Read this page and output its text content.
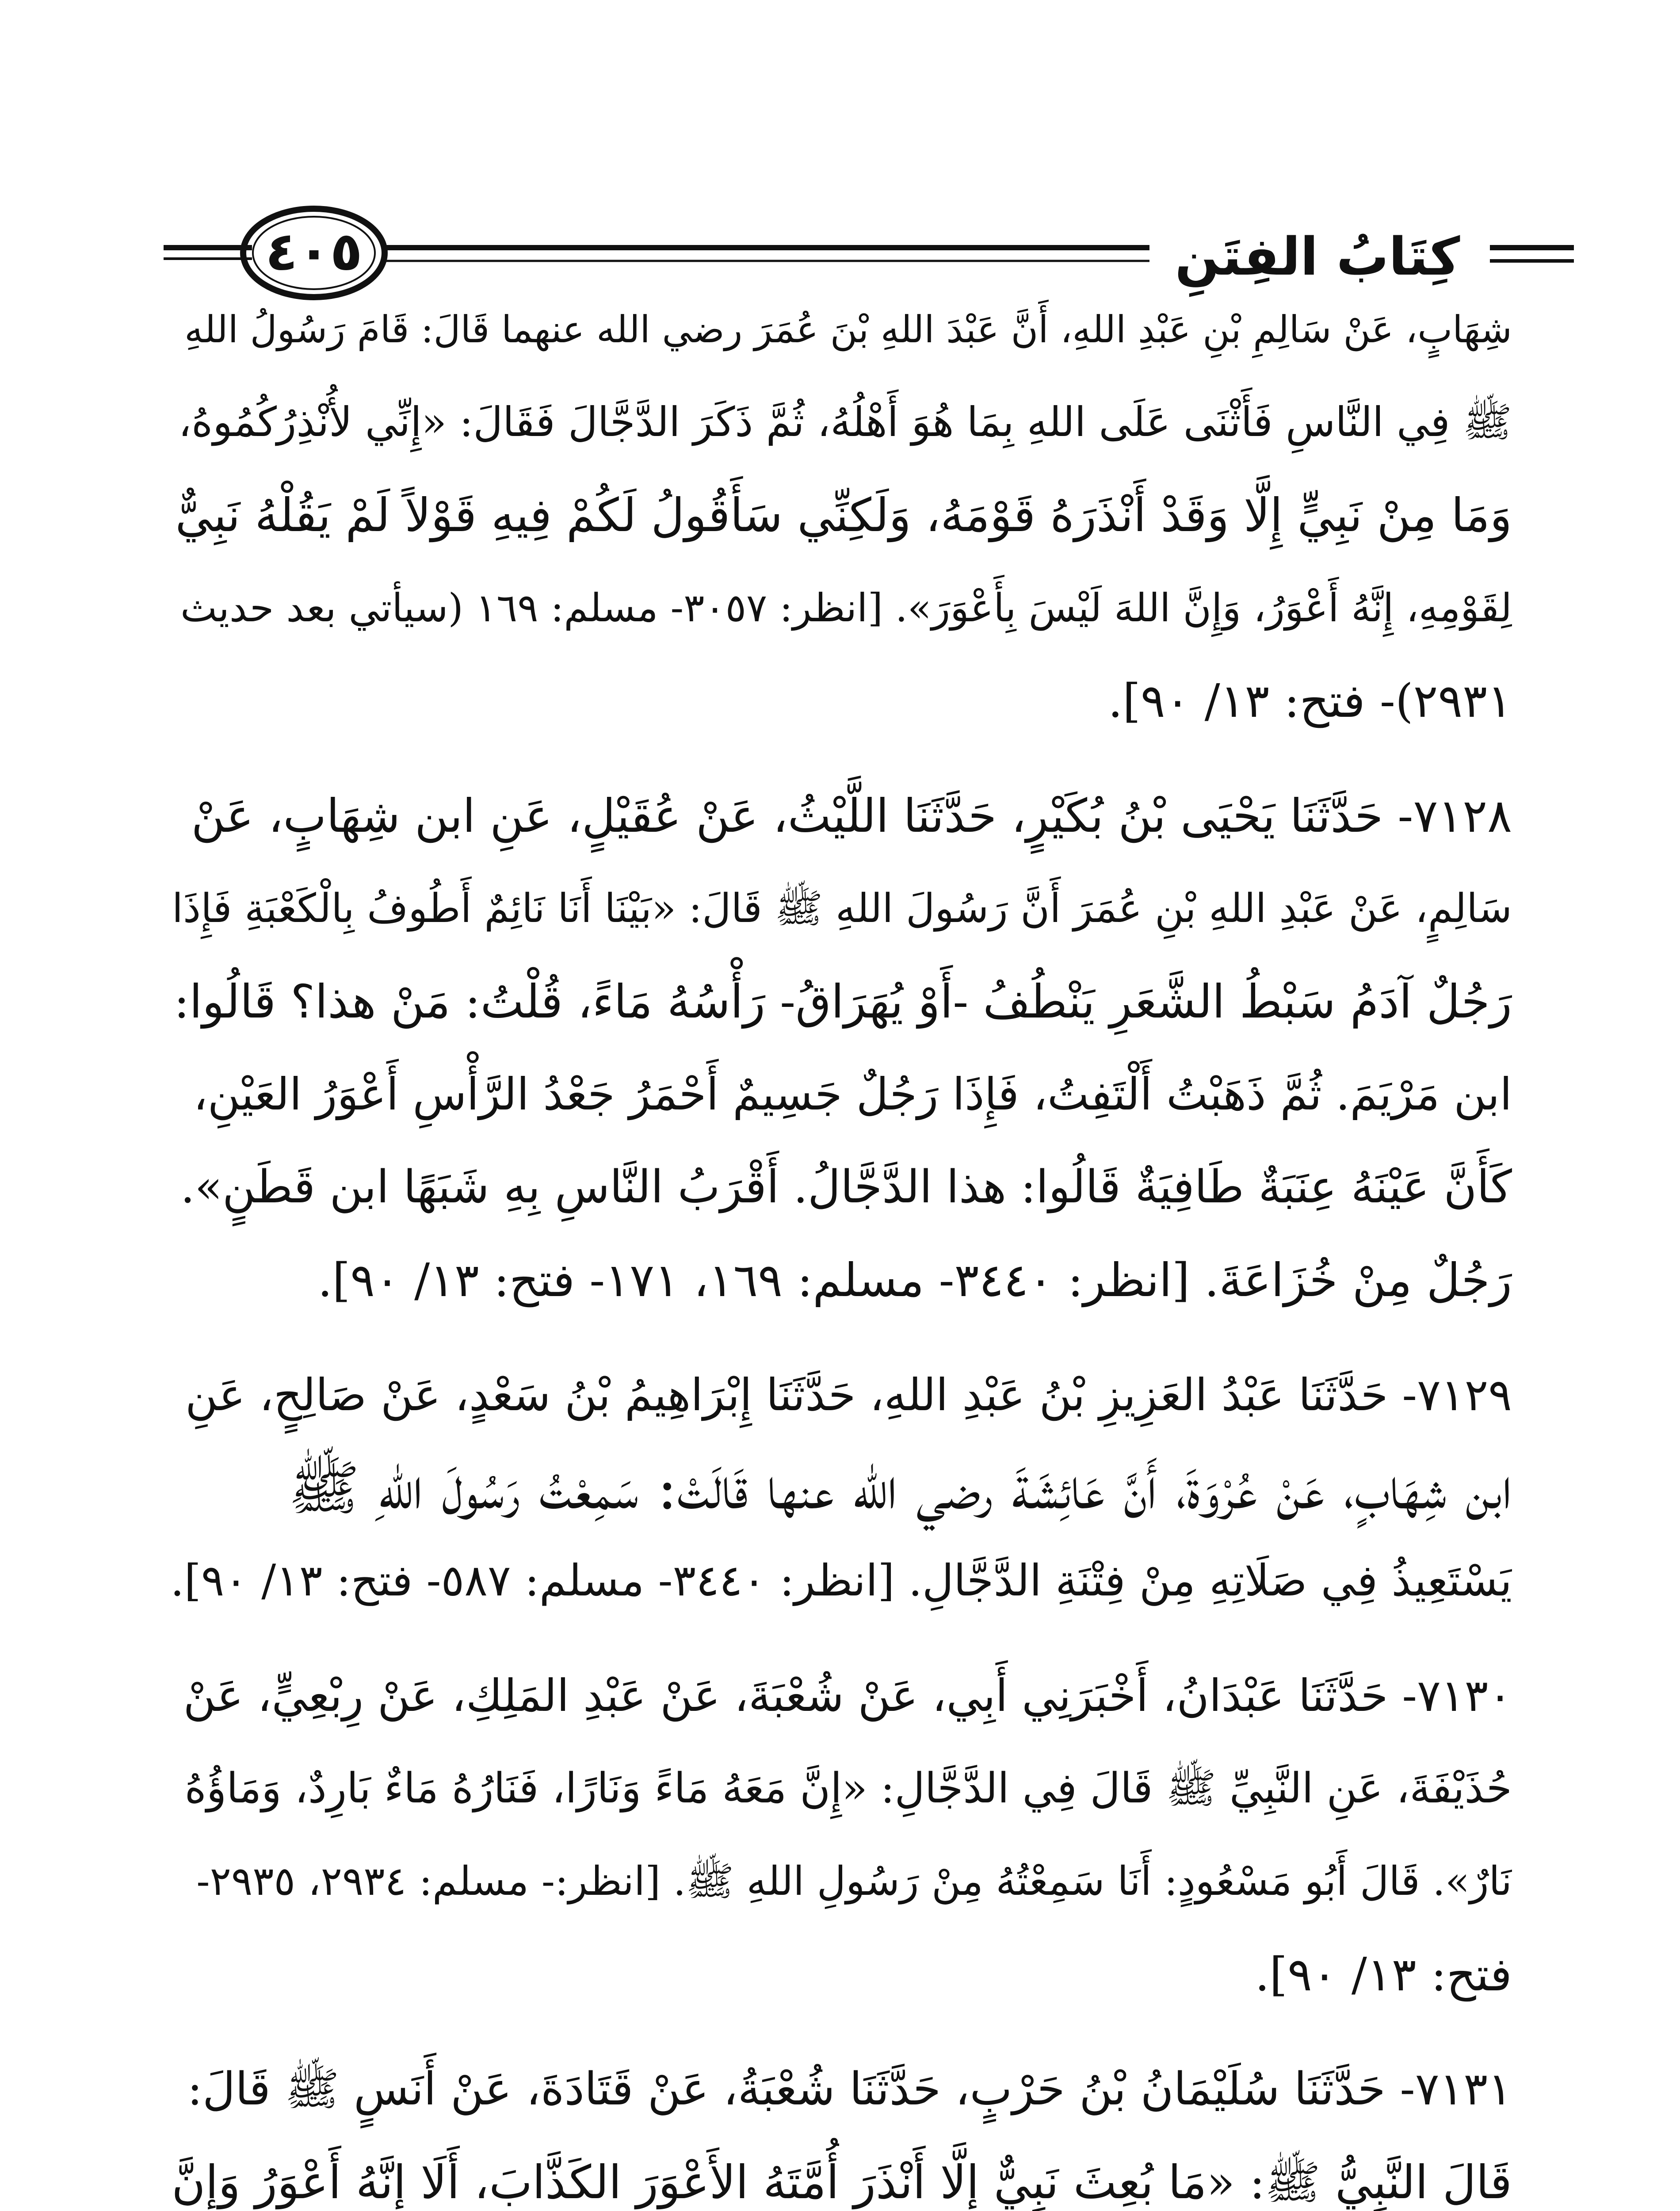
٤٠٥	كِتَابُ الفِتَنِ
شِهَابٍ، عَنْ سَالِمِ بْنِ عَبْدِ اللهِ، أَنَّ عَبْدَ اللهِ بْنَ عُمَرَ رضي الله عنهما قَالَ: قَامَ رَسُولُ اللهِ
ﷺ فِي النَّاسِ فَأَثْنَى عَلَى اللهِ بِمَا هُوَ أَهْلُهُ، ثُمَّ ذَكَرَ الدَّجَّالَ فَقَالَ: «إِنِّي لأُنْذِرُكُمُوهُ،
وَمَا مِنْ نَبِيٍّ إِلَّا وَقَدْ أَنْذَرَهُ قَوْمَهُ، وَلَكِنِّي سَأَقُولُ لَكُمْ فِيهِ قَوْلاً لَمْ يَقُلْهُ نَبِيٌّ
لِقَوْمِهِ، إِنَّهُ أَعْوَرُ، وَإِنَّ اللهَ لَيْسَ بِأَعْوَرَ». [انظر: ٣٠٥٧- مسلم: ١٦٩ (سيأتي بعد حديث
٢٩٣١)- فتح: ١٣/ ٩٠].
٧١٢٨- حَدَّثَنَا يَحْيَى بْنُ بُكَيْرٍ، حَدَّثَنَا اللَّيْثُ، عَنْ عُقَيْلٍ، عَنِ ابن شِهَابٍ، عَنْ
سَالِمٍ، عَنْ عَبْدِ اللهِ بْنِ عُمَرَ أَنَّ رَسُولَ اللهِ ﷺ قَالَ: «بَيْنَا أَنَا نَائِمٌ أَطُوفُ بِالْكَعْبَةِ فَإِذَا
رَجُلٌ آدَمُ سَبْطُ الشَّعَرِ يَنْطُفُ -أَوْ يُهَرَاقُ- رَأْسُهُ مَاءً، قُلْتُ: مَنْ هذا؟ قَالُوا:
ابن مَرْيَمَ. ثُمَّ ذَهَبْتُ أَلْتَفِتُ، فَإِذَا رَجُلٌ جَسِيمٌ أَحْمَرُ جَعْدُ الرَّأْسِ أَعْوَرُ العَيْنِ،
كَأَنَّ عَيْنَهُ عِنَبَةٌ طَافِيَةٌ قَالُوا: هذا الدَّجَّالُ. أَقْرَبُ النَّاسِ بِهِ شَبَهًا ابن قَطَنٍ».
رَجُلٌ مِنْ خُزَاعَةَ. [انظر: ٣٤٤٠- مسلم: ١٦٩، ١٧١- فتح: ١٣/ ٩٠].
٧١٢٩- حَدَّثَنَا عَبْدُ العَزِيزِ بْنُ عَبْدِ اللهِ، حَدَّثَنَا إِبْرَاهِيمُ بْنُ سَعْدٍ، عَنْ صَالِحٍ، عَنِ
ابن شِهَابٍ، عَنْ عُرْوَةَ، أَنَّ عَائِشَةَ رضي الله عنها قَالَتْ: سَمِعْتُ رَسُولَ اللهِ ﷺ
يَسْتَعِيذُ فِي صَلَاتِهِ مِنْ فِتْنَةِ الدَّجَّالِ. [انظر: ٣٤٤٠- مسلم: ٥٨٧- فتح: ١٣/ ٩٠].
٧١٣٠- حَدَّثَنَا عَبْدَانُ، أَخْبَرَنِي أَبِي، عَنْ شُعْبَةَ، عَنْ عَبْدِ المَلِكِ، عَنْ رِبْعِيٍّ، عَنْ
حُذَيْفَةَ، عَنِ النَّبِيِّ ﷺ قَالَ فِي الدَّجَّالِ: «إِنَّ مَعَهُ مَاءً وَنَارًا، فَنَارُهُ مَاءٌ بَارِدٌ، وَمَاؤُهُ
نَارٌ». قَالَ أَبُو مَسْعُودٍ: أَنَا سَمِعْتُهُ مِنْ رَسُولِ اللهِ ﷺ. [انظر:- مسلم: ٢٩٣٤، ٢٩٣٥-
فتح: ١٣/ ٩٠].
٧١٣١- حَدَّثَنَا سُلَيْمَانُ بْنُ حَرْبٍ، حَدَّثَنَا شُعْبَةُ، عَنْ قَتَادَةَ، عَنْ أَنَسٍ ﷺ قَالَ:
قَالَ النَّبِيُّ ﷺ: «مَا بُعِثَ نَبِيٌّ إِلَّا أَنْذَرَ أُمَّتَهُ الأَعْوَرَ الكَذَّابَ، أَلَا إِنَّهُ أَعْوَرُ وَإِنَّ
